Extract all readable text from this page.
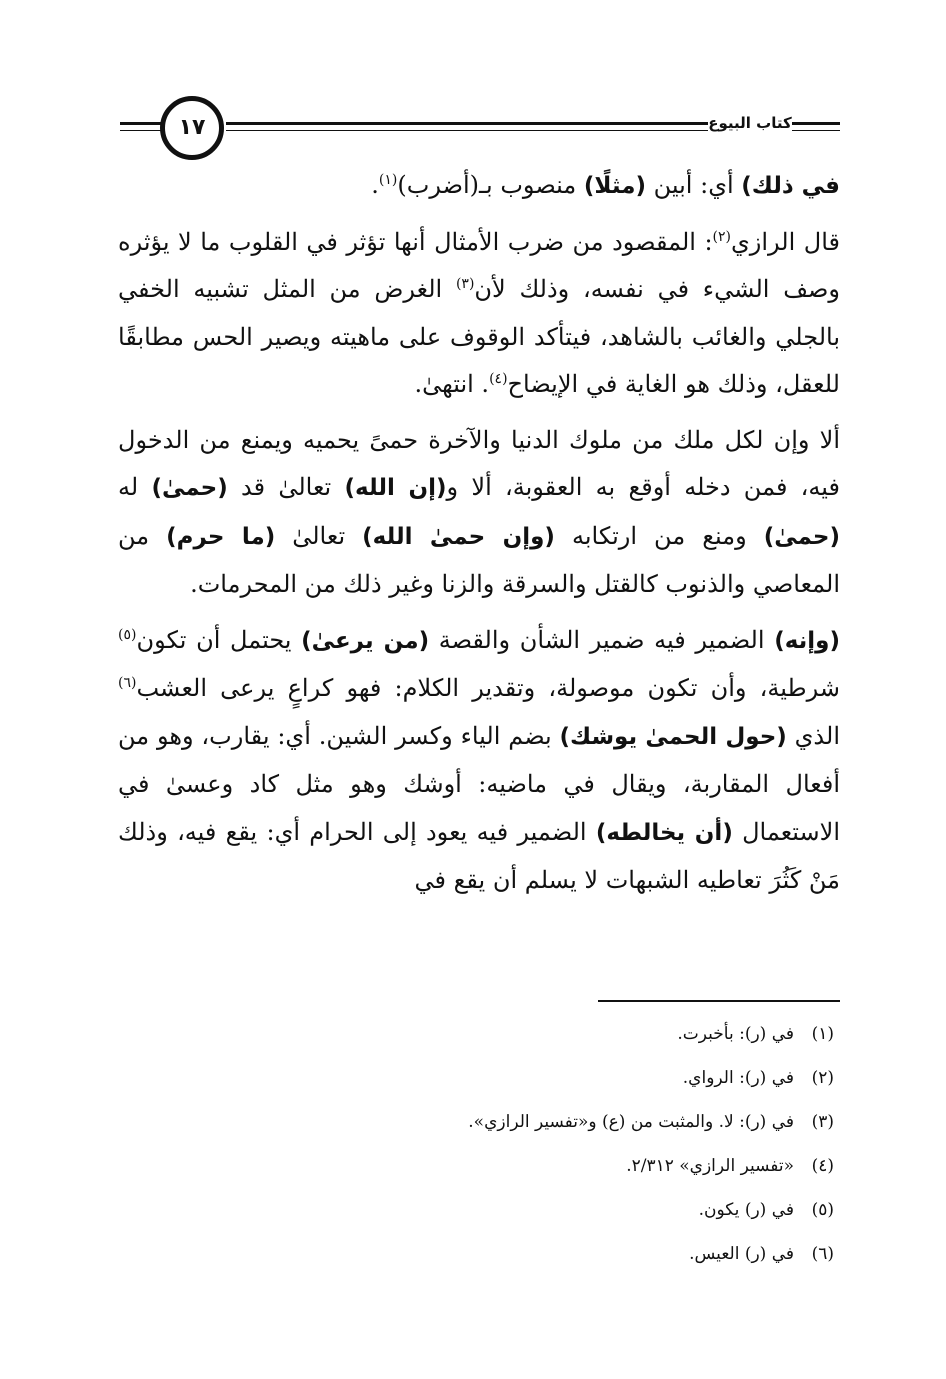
١٧	كتاب البيوع

في ذلك) أي: أبين (مثلًا) منصوب بـ(أضرب)$^{(١)}$.

قال الرازي$^{(٢)}$: المقصود من ضرب الأمثال أنها تؤثر في القلوب ما لا يؤثره وصف الشيء في نفسه، وذلك لأن$^{(٣)}$ الغرض من المثل تشبيه الخفي بالجلي والغائب بالشاهد، فيتأكد الوقوف على ماهيته ويصير الحس مطابقًا للعقل، وذلك هو الغاية في الإيضاح$^{(٤)}$. انتهىٰ.

ألا وإن لكل ملك من ملوك الدنيا والآخرة حمىً يحميه ويمنع من الدخول فيه، فمن دخله أوقع به العقوبة، ألا و(إن الله) تعالىٰ قد (حمىٰ) له (حمىٰ) ومنع من ارتكابه (وإن حمىٰ الله) تعالىٰ (ما حرم) من المعاصي والذنوب كالقتل والسرقة والزنا وغير ذلك من المحرمات.

(وإنه) الضمير فيه ضمير الشأن والقصة (من يرعىٰ) يحتمل أن تكون$^{(٥)}$ شرطية، وأن تكون موصولة، وتقدير الكلام: فهو كراعٍ يرعى العشب$^{(٦)}$ الذي (حول الحمىٰ يوشك) بضم الياء وكسر الشين. أي: يقارب، وهو من أفعال المقاربة، ويقال في ماضيه: أوشك وهو مثل كاد وعسىٰ في الاستعمال (أن يخالطه) الضمير فيه يعود إلى الحرام أي: يقع فيه، وذلك مَنْ كَثُرَ تعاطيه الشبهات لا يسلم أن يقع في

(١)في (ر): بأخبرت.
(٢)في (ر): الرواي.
(٣)في (ر): لا. والمثبت من (ع) و«تفسير الرازي».
(٤)«تفسير الرازي» ٢/٣١٢.
(٥)في (ر) يكون.
(٦)في (ر) العيس.
